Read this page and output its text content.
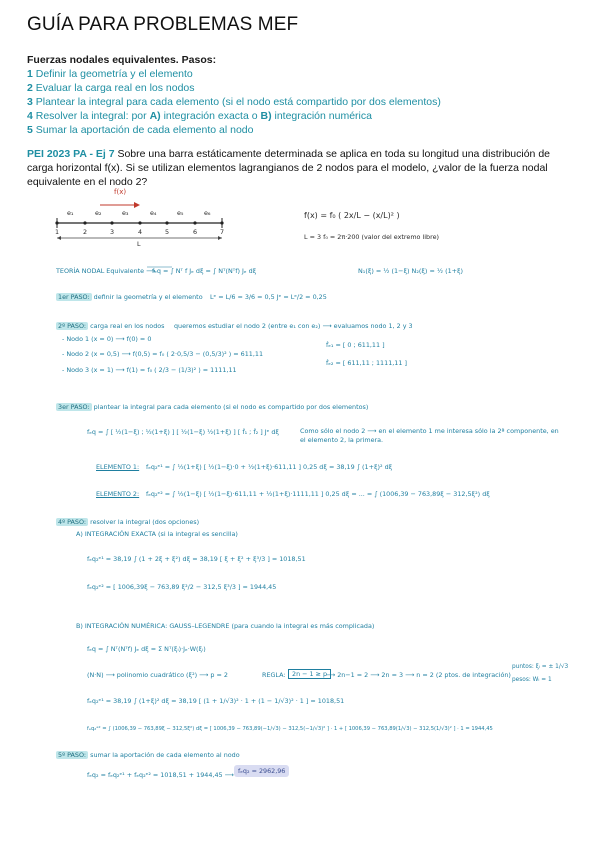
GUÍA PARA PROBLEMAS MEF
Fuerzas nodales equivalentes. Pasos:
1 Definir la geometría y el elemento
2 Evaluar la carga real en los nodos
3 Plantear la integral para cada elemento (si el nodo está compartido por dos elementos)
4 Resolver la integral: por A) integración exacta o B) integración numérica
5 Sumar la aportación de cada elemento al nodo
PEI 2023 PA - Ej 7 Sobre una barra estáticamente determinada se aplica en toda su longitud una distribución de carga horizontal f(x). Si se utilizan elementos lagrangianos de 2 nodos para el modelo, ¿valor de la fuerza nodal equivalente en el nodo 2?
f(x)
e₁	e₂	e₃	e₄	e₅	e₆
1	2	3	4	5	6	7
L
f(x) = f₀ ( 2x/L − (x/L)² )
L = 3 f₀ = 2π·200 (valor del extremo libre)
TEORÍA NODAL Equivalente ⟶
fₑq = ∫ Nᵀ f Jₑ dξ = ∫ Nᵀ(Nᵀf) Jₑ dξ	N₁(ξ) = ½ (1−ξ) N₂(ξ) = ½ (1+ξ)
1er PASO: definir la geometría y el elemento Lᵉ = L/6 = 3/6 = 0,5 Jᵉ = Lᵉ/2 = 0,25
2º PASO: carga real en los nodos queremos estudiar el nodo 2 (entre e₁ con e₂) ⟶ evaluamos nodo 1, 2 y 3
- Nodo 1 (x = 0) ⟶ f(0) = 0
- Nodo 2 (x = 0,5) ⟶ f(0,5) = f₀ ( 2·0,5/3 − (0,5/3)² ) = 611,11
- Nodo 3 (x = 1) ⟶ f(1) = f₀ ( 2/3 − (1/3)² ) = 1111,11
f̂ₑ₁ = [ 0 ; 611,11 ]
f̂ₑ₂ = [ 611,11 ; 1111,11 ]
3er PASO: plantear la integral para cada elemento (si el nodo es compartido por dos elementos)
fₑq = ∫ [ ½(1−ξ) ; ½(1+ξ) ] [ ½(1−ξ) ½(1+ξ) ] [ f̂₁ ; f̂₂ ] Jᵉ dξ	Como sólo el nodo 2 ⟶ en el elemento 1 me interesa sólo la 2ª componente, en el elemento 2, la primera.
ELEMENTO 1: fₑq₂ᵉ¹ = ∫ ½(1+ξ) [ ½(1−ξ)·0 + ½(1+ξ)·611,11 ] 0,25 dξ = 38,19 ∫ (1+ξ)² dξ
ELEMENTO 2: fₑq₂ᵉ² = ∫ ½(1−ξ) [ ½(1−ξ)·611,11 + ½(1+ξ)·1111,11 ] 0,25 dξ = ... = ∫ (1006,39 − 763,89ξ − 312,5ξ²) dξ
4º PASO: resolver la integral (dos opciones)
A) INTEGRACIÓN EXACTA (si la integral es sencilla)
fₑq₂ᵉ¹ = 38,19 ∫ (1 + 2ξ + ξ²) dξ = 38,19 [ ξ + ξ² + ξ³/3 ] = 1018,51
fₑq₂ᵉ² = [ 1006,39ξ − 763,89 ξ²/2 − 312,5 ξ³/3 ] = 1944,45
B) INTEGRACIÓN NUMÉRICA: GAUSS–LEGENDRE (para cuando la integral es más complicada)
fₑq = ∫ Nᵀ(Nᵀf) Jₑ dξ = Σ Nᵀ(ξᵢ)·Jₑ·W(ξᵢ)
(N·N) ⟶ polinomio cuadrático (ξ²) ⟶ p = 2	REGLA:	2n − 1 ≥ p
⟶ 2n−1 = 2 ⟶ 2n = 3 ⟶ n = 2 (2 ptos. de integración)
puntos: ξᵢ = ± 1/√3
pesos: Wᵢ = 1
fₑq₂ᵉ¹ = 38,19 ∫ (1+ξ)² dξ = 38,19 [ (1 + 1/√3)² · 1 + (1 − 1/√3)² · 1 ] = 1018,51
fₑq₂ᵉ² = ∫ (1006,39 − 763,89ξ − 312,5ξ²) dξ = [ 1006,39 − 763,89(−1/√3) − 312,5(−1/√3)² ] · 1 + [ 1006,39 − 763,89(1/√3) − 312,5(1/√3)² ] · 1 = 1944,45
5º PASO: sumar la aportación de cada elemento al nodo
fₑq₂ = fₑq₂ᵉ¹ + fₑq₂ᵉ² = 1018,51 + 1944,45 ⟶ fₑq₂ = 2962,96
